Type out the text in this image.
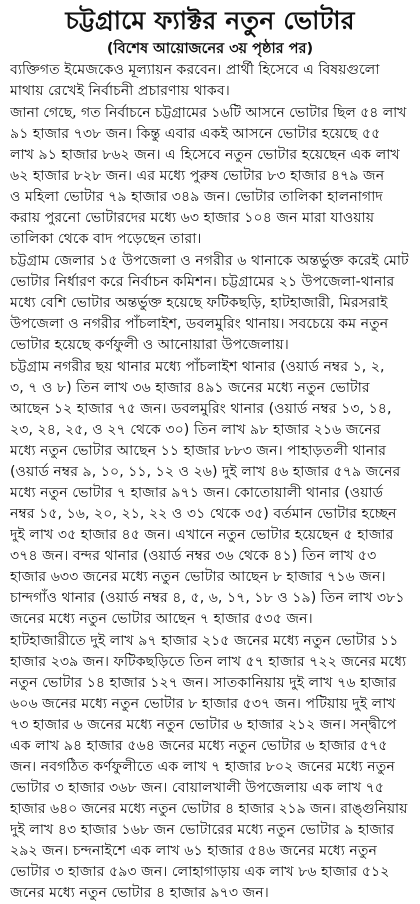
চট্টগ্রামে ফ্যাক্টর নতুন ভোটার
(বিশেষ আয়োজনের ৩য় পৃষ্ঠার পর)

ব্যক্তিগত ইমেজকেও মূল্যায়ন করবেন। প্রার্থী হিসেবে এ বিষয়গুলো
মাথায় রেখেই নির্বাচনী প্রচারণায় থাকব।

জানা গেছে, গত নির্বাচনে চট্টগ্রামের ১৬টি আসনে ভোটার ছিল ৫৪ লাখ
৯১ হাজার ৭৩৮ জন। কিন্তু এবার একই আসনে ভোটার হয়েছে ৫৫
লাখ ৯১ হাজার ৮৬২ জন। এ হিসেবে নতুন ভোটার হয়েছেন এক লাখ
৬২ হাজার ৮২৮ জন। এর মধ্যে পুরুষ ভোটার ৮৩ হাজার ৪৭৯ জন
ও মহিলা ভোটার ৭৯ হাজার ৩৪৯ জন। ভোটার তালিকা হালনাগাদ
করায় পুরনো ভোটারদের মধ্যে ৬৩ হাজার ১০৪ জন মারা যাওয়ায়
তালিকা থেকে বাদ পড়েছেন তারা।

চট্টগ্রাম জেলার ১৫ উপজেলা ও নগরীর ৬ থানাকে অন্তর্ভুক্ত করেই মোট
ভোটার নির্ধারণ করে নির্বাচন কমিশন। চট্টগ্রামের ২১ উপজেলা-থানার
মধ্যে বেশি ভোটার অন্তর্ভুক্ত হয়েছে ফটিকছড়ি, হাটহাজারী, মিরসরাই
উপজেলা ও নগরীর পাঁচলাইশ, ডবলমুরিং থানায়। সবচেয়ে কম নতুন
ভোটার হয়েছে কর্ণফুলী ও আনোয়ারা উপজেলায়।

চট্টগ্রাম নগরীর ছয় থানার মধ্যে পাঁচলাইশ থানার (ওয়ার্ড নম্বর ১, ২,
৩, ৭ ও ৮) তিন লাখ ৩৬ হাজার ৪৯১ জনের মধ্যে নতুন ভোটার
আছেন ১২ হাজার ৭৫ জন। ডবলমুরিং থানার (ওয়ার্ড নম্বর ১৩, ১৪,
২৩, ২৪, ২৫, ও ২৭ থেকে ৩০) তিন লাখ ৯৮ হাজার ২১৬ জনের
মধ্যে নতুন ভোটার আছেন ১১ হাজার ৮৮৩ জন। পাহাড়তলী থানার
(ওয়ার্ড নম্বর ৯, ১০, ১১, ১২ ও ২৬) দুই লাখ ৪৬ হাজার ৫৭৯ জনের
মধ্যে নতুন ভোটার ৭ হাজার ৯৭১ জন। কোতোয়ালী থানার (ওয়ার্ড
নম্বর ১৫, ১৬, ২০, ২১, ২২ ও ৩১ থেকে ৩৫) বর্তমান ভোটার হচ্ছেন
দুই লাখ ৩৫ হাজার ৪৫ জন। এখানে নতুন ভোটার হয়েছেন ৫ হাজার
৩৭৪ জন। বন্দর থানার (ওয়ার্ড নম্বর ৩৬ থেকে ৪১) তিন লাখ ৫৩
হাজার ৬৩৩ জনের মধ্যে নতুন ভোটার আছেন ৮ হাজার ৭১৬ জন।
চান্দগাঁও থানার (ওয়ার্ড নম্বর ৪, ৫, ৬, ১৭, ১৮ ও ১৯) তিন লাখ ৩৮১
জনের মধ্যে নতুন ভোটার আছেন ৭ হাজার ৫৩৫ জন।

হাটহাজারীতে দুই লাখ ৯৭ হাজার ২১৫ জনের মধ্যে নতুন ভোটার ১১
হাজার ২৩৯ জন। ফটিকছড়িতে তিন লাখ ৫৭ হাজার ৭২২ জনের মধ্যে
নতুন ভোটার ১৪ হাজার ১২৭ জন। সাতকানিয়ায় দুই লাখ ৭৬ হাজার
৬০৬ জনের মধ্যে নতুন ভোটার ৮ হাজার ৫৩৭ জন। পটিয়ায় দুই লাখ
৭৩ হাজার ৬ জনের মধ্যে নতুন ভোটার ৬ হাজার ২১২ জন। সন্দ্বীপে
এক লাখ ৯৪ হাজার ৫৬৪ জনের মধ্যে নতুন ভোটার ৬ হাজার ৫৭৫
জন। নবগঠিত কর্ণফুলীতে এক লাখ ৭ হাজার ৮০২ জনের মধ্যে নতুন
ভোটার ৩ হাজার ৩৬৮ জন। বোয়ালখালী উপজেলায় এক লাখ ৭৫
হাজার ৬৪০ জনের মধ্যে নতুন ভোটার ৪ হাজার ২১৯ জন। রাঙ্গুনিয়ায়
দুই লাখ ৪৩ হাজার ১৬৮ জন ভোটারের মধ্যে নতুন ভোটার ৯ হাজার
২৯২ জন। চন্দনাইশে এক লাখ ৬১ হাজার ৫৪৬ জনের মধ্যে নতুন
ভোটার ৩ হাজার ৫৯৩ জন। লোহাগাড়ায় এক লাখ ৮৬ হাজার ৫১২
জনের মধ্যে নতুন ভোটার ৪ হাজার ৯৭৩ জন।
